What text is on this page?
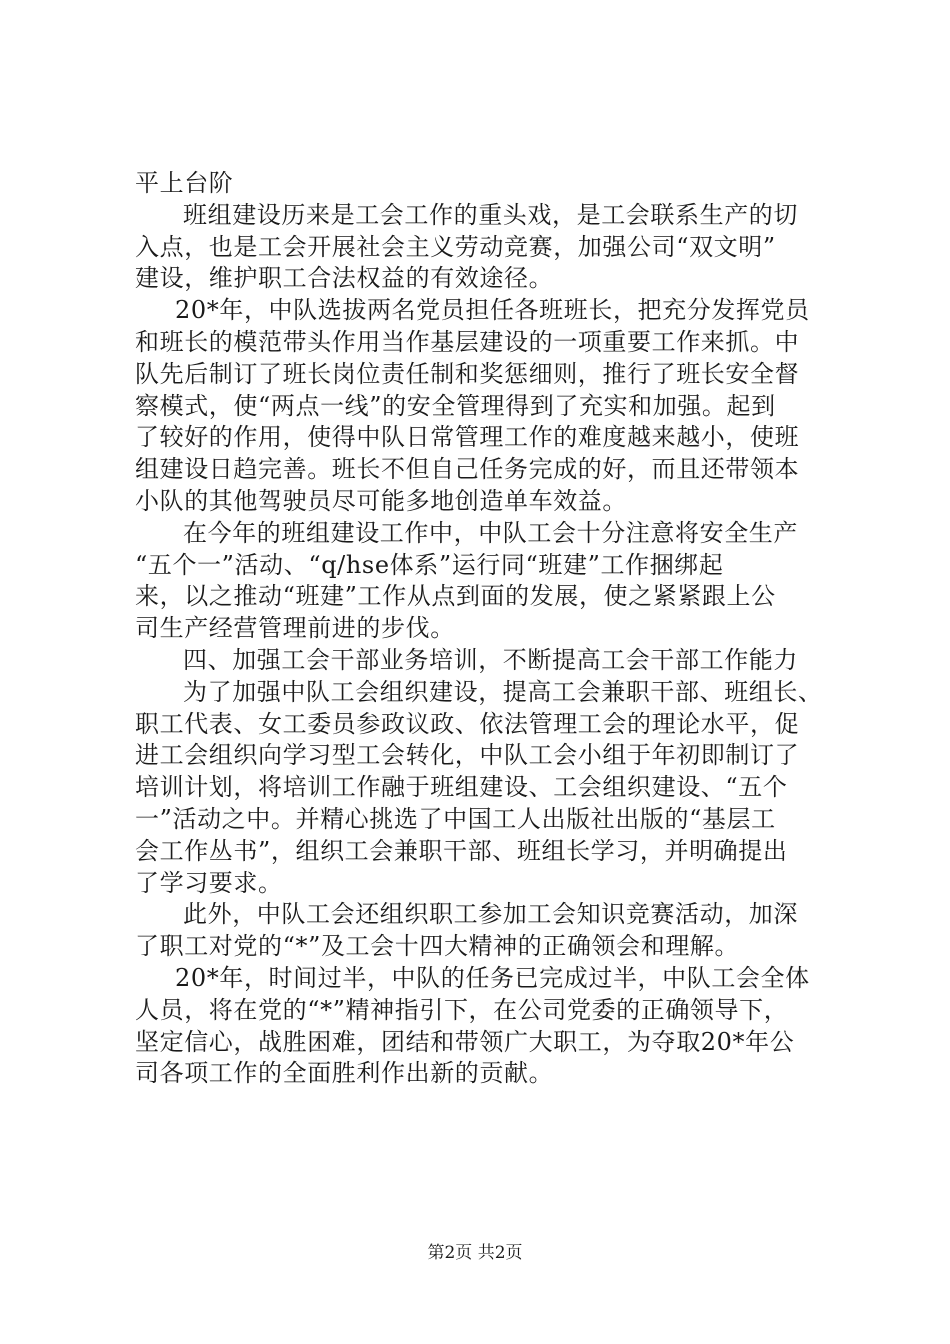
平上台阶
班组建设历来是工会工作的重头戏，是工会联系生产的切
入点，也是工会开展社会主义劳动竞赛，加强公司“双文明”
建设，维护职工合法权益的有效途径。
20*年，中队选拔两名党员担任各班班长，把充分发挥党员
和班长的模范带头作用当作基层建设的一项重要工作来抓。中
队先后制订了班长岗位责任制和奖惩细则，推行了班长安全督
察模式，使“两点一线”的安全管理得到了充实和加强。起到
了较好的作用，使得中队日常管理工作的难度越来越小，使班
组建设日趋完善。班长不但自己任务完成的好，而且还带领本
小队的其他驾驶员尽可能多地创造单车效益。
在今年的班组建设工作中，中队工会十分注意将安全生产
“五个一”活动、“q/hse体系”运行同“班建”工作捆绑起
来，以之推动“班建”工作从点到面的发展，使之紧紧跟上公
司生产经营管理前进的步伐。
四、加强工会干部业务培训，不断提高工会干部工作能力
为了加强中队工会组织建设，提高工会兼职干部、班组长、
职工代表、女工委员参政议政、依法管理工会的理论水平，促
进工会组织向学习型工会转化，中队工会小组于年初即制订了
培训计划，将培训工作融于班组建设、工会组织建设、“五个
一”活动之中。并精心挑选了中国工人出版社出版的“基层工
会工作丛书”，组织工会兼职干部、班组长学习，并明确提出
了学习要求。
此外，中队工会还组织职工参加工会知识竞赛活动，加深
了职工对党的“*”及工会十四大精神的正确领会和理解。
20*年，时间过半，中队的任务已完成过半，中队工会全体
人员，将在党的“*”精神指引下，在公司党委的正确领导下，
坚定信心，战胜困难，团结和带领广大职工，为夺取20*年公
司各项工作的全面胜利作出新的贡献。
第2页 共2页
